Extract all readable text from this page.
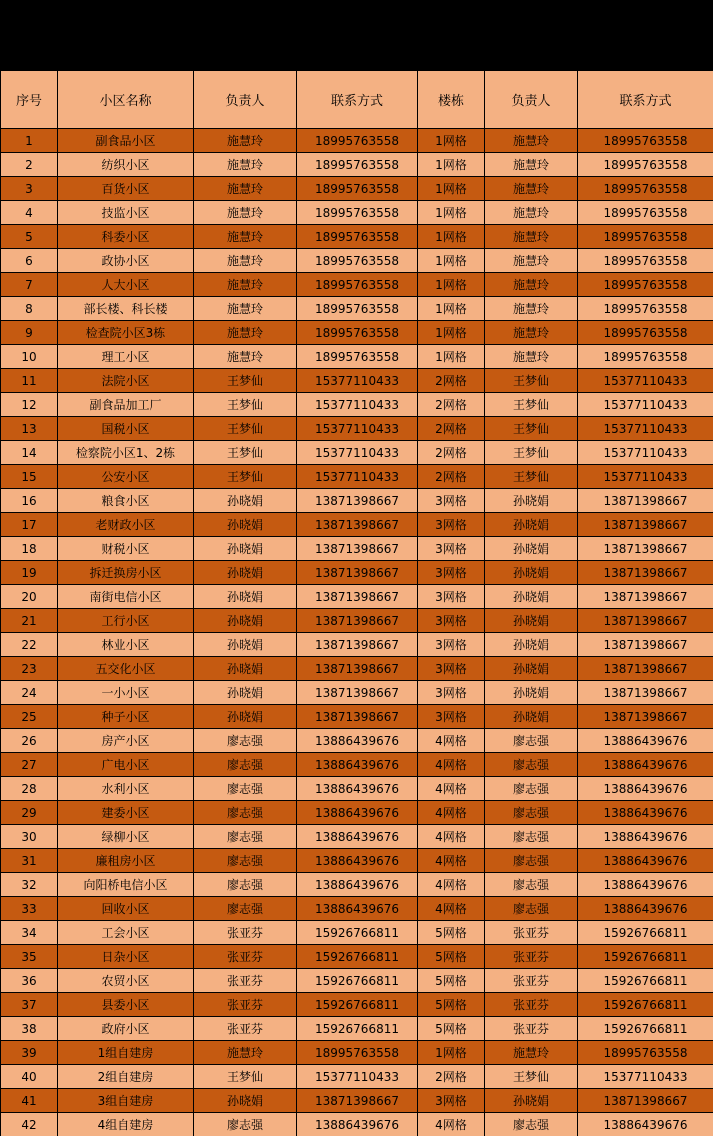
序号	小区名称	负责人	联系方式	楼栋	负责人	联系方式
1	副食品小区	施慧玲	18995763558	1网格	施慧玲	18995763558
2	纺织小区	施慧玲	18995763558	1网格	施慧玲	18995763558
3	百货小区	施慧玲	18995763558	1网格	施慧玲	18995763558
4	技监小区	施慧玲	18995763558	1网格	施慧玲	18995763558
5	科委小区	施慧玲	18995763558	1网格	施慧玲	18995763558
6	政协小区	施慧玲	18995763558	1网格	施慧玲	18995763558
7	人大小区	施慧玲	18995763558	1网格	施慧玲	18995763558
8	部长楼、科长楼	施慧玲	18995763558	1网格	施慧玲	18995763558
9	检查院小区3栋	施慧玲	18995763558	1网格	施慧玲	18995763558
10	理工小区	施慧玲	18995763558	1网格	施慧玲	18995763558
11	法院小区	王梦仙	15377110433	2网格	王梦仙	15377110433
12	副食品加工厂	王梦仙	15377110433	2网格	王梦仙	15377110433
13	国税小区	王梦仙	15377110433	2网格	王梦仙	15377110433
14	检察院小区1、2栋	王梦仙	15377110433	2网格	王梦仙	15377110433
15	公安小区	王梦仙	15377110433	2网格	王梦仙	15377110433
16	粮食小区	孙晓娟	13871398667	3网格	孙晓娟	13871398667
17	老财政小区	孙晓娟	13871398667	3网格	孙晓娟	13871398667
18	财税小区	孙晓娟	13871398667	3网格	孙晓娟	13871398667
19	拆迁换房小区	孙晓娟	13871398667	3网格	孙晓娟	13871398667
20	南街电信小区	孙晓娟	13871398667	3网格	孙晓娟	13871398667
21	工行小区	孙晓娟	13871398667	3网格	孙晓娟	13871398667
22	林业小区	孙晓娟	13871398667	3网格	孙晓娟	13871398667
23	五交化小区	孙晓娟	13871398667	3网格	孙晓娟	13871398667
24	一小小区	孙晓娟	13871398667	3网格	孙晓娟	13871398667
25	种子小区	孙晓娟	13871398667	3网格	孙晓娟	13871398667
26	房产小区	廖志强	13886439676	4网格	廖志强	13886439676
27	广电小区	廖志强	13886439676	4网格	廖志强	13886439676
28	水利小区	廖志强	13886439676	4网格	廖志强	13886439676
29	建委小区	廖志强	13886439676	4网格	廖志强	13886439676
30	绿柳小区	廖志强	13886439676	4网格	廖志强	13886439676
31	廉租房小区	廖志强	13886439676	4网格	廖志强	13886439676
32	向阳桥电信小区	廖志强	13886439676	4网格	廖志强	13886439676
33	回收小区	廖志强	13886439676	4网格	廖志强	13886439676
34	工会小区	张亚芬	15926766811	5网格	张亚芬	15926766811
35	日杂小区	张亚芬	15926766811	5网格	张亚芬	15926766811
36	农贸小区	张亚芬	15926766811	5网格	张亚芬	15926766811
37	县委小区	张亚芬	15926766811	5网格	张亚芬	15926766811
38	政府小区	张亚芬	15926766811	5网格	张亚芬	15926766811
39	1组自建房	施慧玲	18995763558	1网格	施慧玲	18995763558
40	2组自建房	王梦仙	15377110433	2网格	王梦仙	15377110433
41	3组自建房	孙晓娟	13871398667	3网格	孙晓娟	13871398667
42	4组自建房	廖志强	13886439676	4网格	廖志强	13886439676
